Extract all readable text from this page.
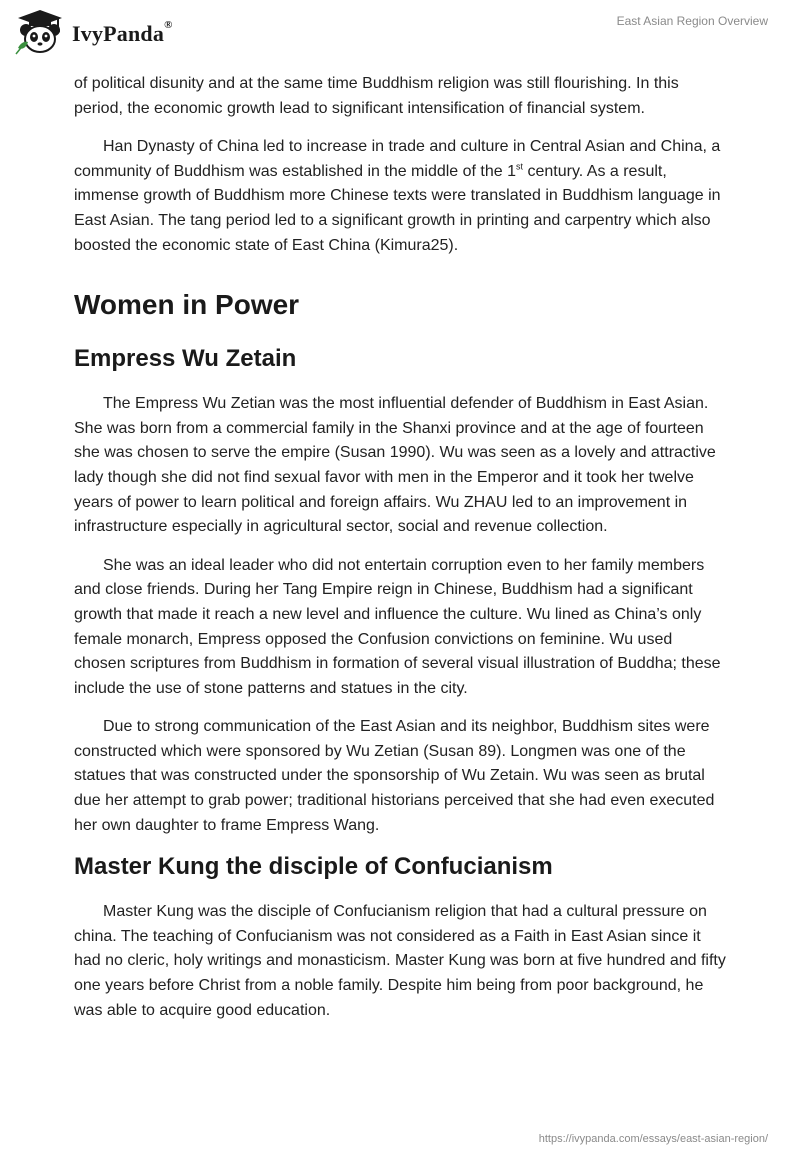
IvyPanda®	East Asian Region Overview

of political disunity and at the same time Buddhism religion was still flourishing. In this period, the economic growth lead to significant intensification of financial system.

Han Dynasty of China led to increase in trade and culture in Central Asian and China, a community of Buddhism was established in the middle of the 1st century. As a result, immense growth of Buddhism more Chinese texts were translated in Buddhism language in East Asian. The tang period led to a significant growth in printing and carpentry which also boosted the economic state of East China (Kimura25).

Women in Power
Empress Wu Zetain

The Empress Wu Zetian was the most influential defender of Buddhism in East Asian. She was born from a commercial family in the Shanxi province and at the age of fourteen she was chosen to serve the empire (Susan 1990). Wu was seen as a lovely and attractive lady though she did not find sexual favor with men in the Emperor and it took her twelve years of power to learn political and foreign affairs. Wu ZHAU led to an improvement in infrastructure especially in agricultural sector, social and revenue collection.

She was an ideal leader who did not entertain corruption even to her family members and close friends. During her Tang Empire reign in Chinese, Buddhism had a significant growth that made it reach a new level and influence the culture. Wu lined as China’s only female monarch, Empress opposed the Confusion convictions on feminine. Wu used chosen scriptures from Buddhism in formation of several visual illustration of Buddha; these include the use of stone patterns and statues in the city.

Due to strong communication of the East Asian and its neighbor, Buddhism sites were constructed which were sponsored by Wu Zetian (Susan 89). Longmen was one of the statues that was constructed under the sponsorship of Wu Zetain. Wu was seen as brutal due her attempt to grab power; traditional historians perceived that she had even executed her own daughter to frame Empress Wang.

Master Kung the disciple of Confucianism

Master Kung was the disciple of Confucianism religion that had a cultural pressure on china. The teaching of Confucianism was not considered as a Faith in East Asian since it had no cleric, holy writings and monasticism. Master Kung was born at five hundred and fifty one years before Christ from a noble family. Despite him being from poor background, he was able to acquire good education.

https://ivypanda.com/essays/east-asian-region/
